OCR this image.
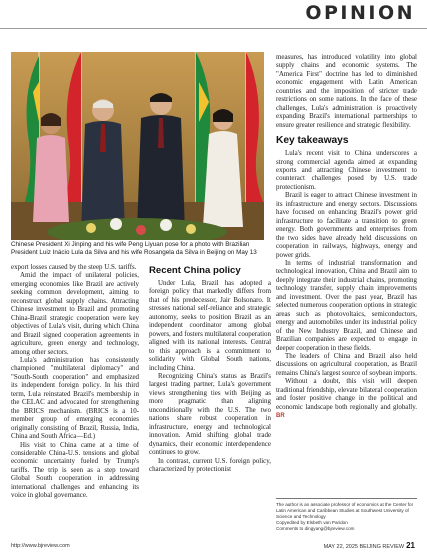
OPINION
Chinese President Xi Jinping and his wife Peng Liyuan pose for a photo with Brazilian President Luiz Inácio Lula da Silva and his wife Rosangela da Silva in Beijing on May 13

export losses caused by the steep U.S. tariffs.

Amid the impact of unilateral policies, emerging economies like Brazil are actively seeking common development, aiming to reconstruct global supply chains. Attracting Chinese investment to Brazil and promoting China-Brazil strategic cooperation were key objectives of Lula's visit, during which China and Brazil signed cooperation agreements in agriculture, green energy and technology, among other sectors.

Lula's administration has consistently championed "multilateral diplomacy" and "South-South cooperation" and emphasized its independent foreign policy. In his third term, Lula reinstated Brazil's membership in the CELAC and advocated for strengthening the BRICS mechanism. (BRICS is a 10-member group of emerging economies originally consisting of Brazil, Russia, India, China and South Africa—Ed.)

His visit to China came at a time of considerable China-U.S. tensions and global economic uncertainty fueled by Trump's tariffs. The trip is seen as a step toward Global South cooperation in addressing international challenges and enhancing its voice in global governance.

Recent China policy

Under Lula, Brazil has adopted a foreign policy that markedly differs from that of his predecessor, Jair Bolsonaro. It stresses national self-reliance and strategic autonomy, seeks to position Brazil as an independent coordinator among global powers, and fosters multilateral cooperation aligned with its national interests. Central to this approach is a commitment to solidarity with Global South nations, including China.

Recognizing China's status as Brazil's largest trading partner, Lula's government views strengthening ties with Beijing as more pragmatic than aligning unconditionally with the U.S. The two nations share robust cooperation in infrastructure, energy and technological innovation. Amid shifting global trade dynamics, their economic interdependence continues to grow.

In contrast, current U.S. foreign policy, characterized by protectionist

measures, has introduced volatility into global supply chains and economic systems. The "America First" doctrine has led to diminished economic engagement with Latin American countries and the imposition of stricter trade restrictions on some nations. In the face of these challenges, Lula's administration is proactively expanding Brazil's international partnerships to ensure greater resilience and strategic flexibility.

Key takeaways

Lula's recent visit to China underscores a strong commercial agenda aimed at expanding exports and attracting Chinese investment to counteract challenges posed by U.S. trade protectionism.

Brazil is eager to attract Chinese investment in its infrastructure and energy sectors. Discussions have focused on enhancing Brazil's power grid infrastructure to facilitate a transition to green energy. Both governments and enterprises from the two sides have already held discussions on cooperation in railways, highways, energy and power grids.

In terms of industrial transformation and technological innovation, China and Brazil aim to deeply integrate their industrial chains, promoting technology transfer, supply chain improvements and investment. Over the past year, Brazil has selected numerous cooperation options in strategic areas such as photovoltaics, semiconductors, energy and automobiles under its industrial policy of the New Industry Brazil, and Chinese and Brazilian companies are expected to engage in deeper cooperation in these fields.

The leaders of China and Brazil also held discussions on agricultural cooperation, as Brazil remains China's largest source of soybean imports.

Without a doubt, this visit will deepen traditional friendship, elevate bilateral cooperation and foster positive change in the political and economic landscape both regionally and globally. BR

The author is an associate professor of economics at the Center for Latin American and Caribbean Studies at Southwest University of Science and Technology
Copyedited by Elsbeth van Paridon
Comments to dingyang@bjreview.com
http://www.bjreview.com	MAY 22, 2025 BEIJING REVIEW 21
